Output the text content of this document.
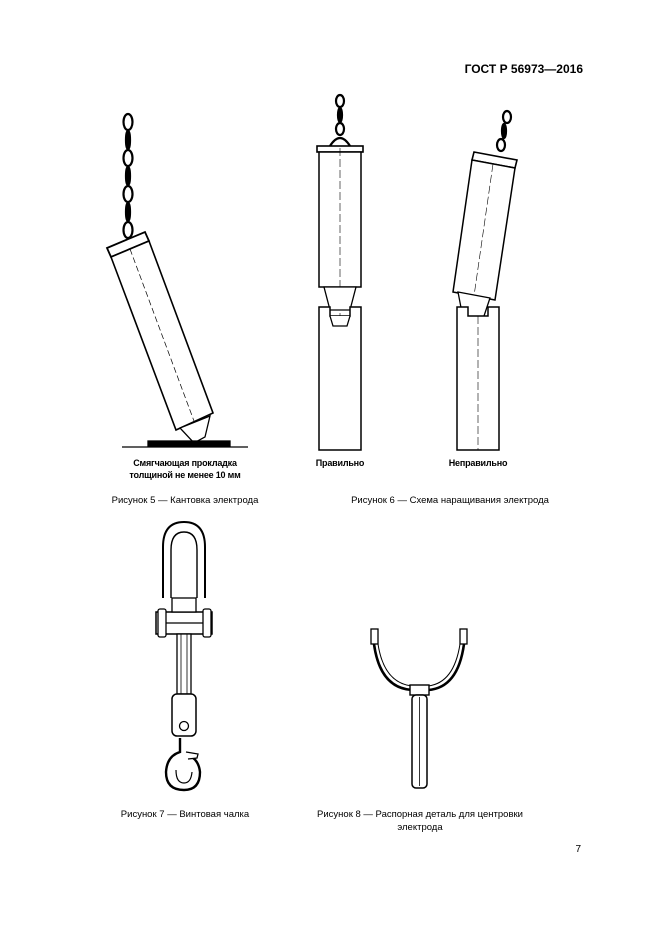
ГОСТ Р 56973—2016
Смягчающая прокладка
толщиной не менее 10 мм
Рисунок 5 — Кантовка электрода
Правильно	Неправильно
Рисунок 6 — Схема наращивания электрода
Рисунок 7 — Винтовая чалка	Рисунок 8 — Распорная деталь для центровки
электрода
7
